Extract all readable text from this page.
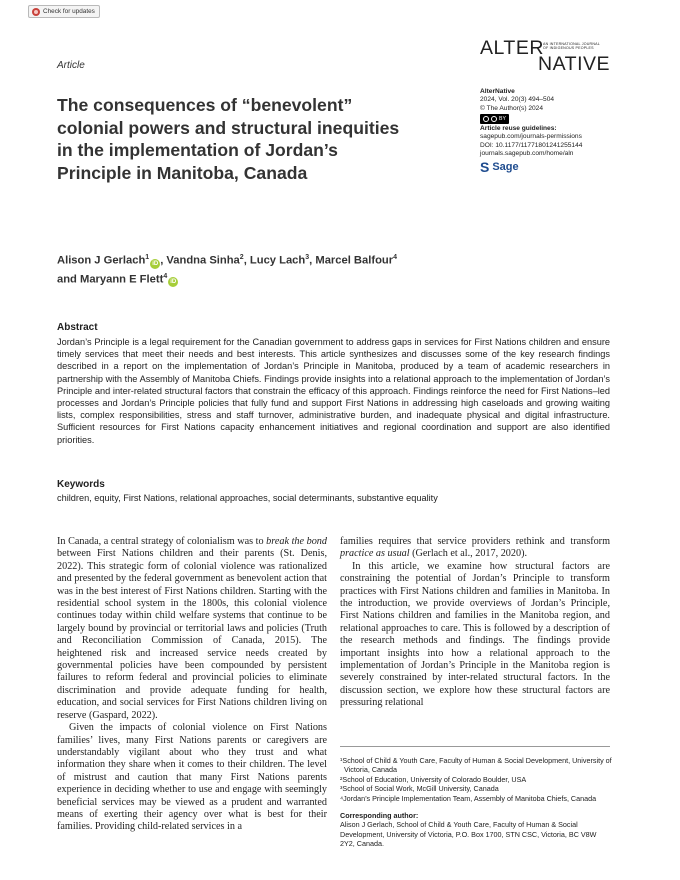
Check for updates
Article
ALTER AN INTERNATIONAL JOURNAL
OF INDIGENOUS PEOPLES
NATIVE
AlterNative
2024, Vol. 20(3) 494–504
© The Author(s) 2024
BY
Article reuse guidelines:
sagepub.com/journals-permissions
DOI: 10.1177/11771801241255144
journals.sagepub.com/home/aln
S Sage
The consequences of “benevolent” colonial powers and structural inequities in the implementation of Jordan’s Principle in Manitoba, Canada
Alison J Gerlach$^1$iD , Vandna Sinha$^2$, Lucy Lach$^3$, Marcel Balfour$^4$
and Maryann E Flett$^4$iD
Abstract
Jordan’s Principle is a legal requirement for the Canadian government to address gaps in services for First Nations children and ensure timely services that meet their needs and best interests. This article synthesizes and discusses some of the key research findings described in a report on the implementation of Jordan’s Principle in Manitoba, produced by a team of academic researchers in partnership with the Assembly of Manitoba Chiefs. Findings provide insights into a relational approach to the implementation of Jordan’s Principle and inter-related structural factors that constrain the efficacy of this approach. Findings reinforce the need for First Nations–led processes and Jordan’s Principle policies that fully fund and support First Nations in addressing high caseloads and growing waiting lists, complex responsibilities, stress and staff turnover, administrative burden, and inadequate physical and digital infrastructure. Sufficient resources for First Nations capacity enhancement initiatives and regional coordination and support are also identified priorities.
Keywords
children, equity, First Nations, relational approaches, social determinants, substantive equality

In Canada, a central strategy of colonialism was to break the bond between First Nations children and their parents (St. Denis, 2022). This strategic form of colonial violence was rationalized and presented by the federal government as benevolent action that was in the best interest of First Nations children. Starting with the residential school system in the 1800s, this colonial violence continues today within child welfare systems that continue to be largely bound by provincial or territorial laws and policies (Truth and Reconciliation Commission of Canada, 2015). The heightened risk and increased service needs created by governmental policies have been compounded by persistent failures to reform federal and provincial policies to eliminate discrimination and provide adequate funding for health, education, and social services for First Nations children living on reserve (Gaspard, 2022).

Given the impacts of colonial violence on First Nations families’ lives, many First Nations parents or caregivers are understandably vigilant about who they trust and what information they share when it comes to their children. The level of mistrust and caution that many First Nations parents experience in deciding whether to use and engage with seemingly beneficial services may be viewed as a prudent and warranted means of exerting their agency over what is best for their families. Providing child-related services in a

families requires that service providers rethink and transform practice as usual (Gerlach et al., 2017, 2020).

In this article, we examine how structural factors are constraining the potential of Jordan’s Principle to transform practices with First Nations children and families in Manitoba. In the introduction, we provide overviews of Jordan’s Principle, First Nations children and families in the Manitoba region, and relational approaches to care. This is followed by a description of the research methods and findings. The findings provide important insights into how a relational approach to the implementation of Jordan’s Principle in the Manitoba region is severely constrained by inter-related structural factors. In the discussion section, we explore how these structural factors are pressuring relational

¹School of Child & Youth Care, Faculty of Human & Social Development, University of Victoria, Canada
²School of Education, University of Colorado Boulder, USA
³School of Social Work, McGill University, Canada
⁴Jordan’s Principle Implementation Team, Assembly of Manitoba Chiefs, Canada
Corresponding author:
Alison J Gerlach, School of Child & Youth Care, Faculty of Human & Social Development, University of Victoria, P.O. Box 1700, STN CSC, Victoria, BC V8W 2Y2, Canada.
